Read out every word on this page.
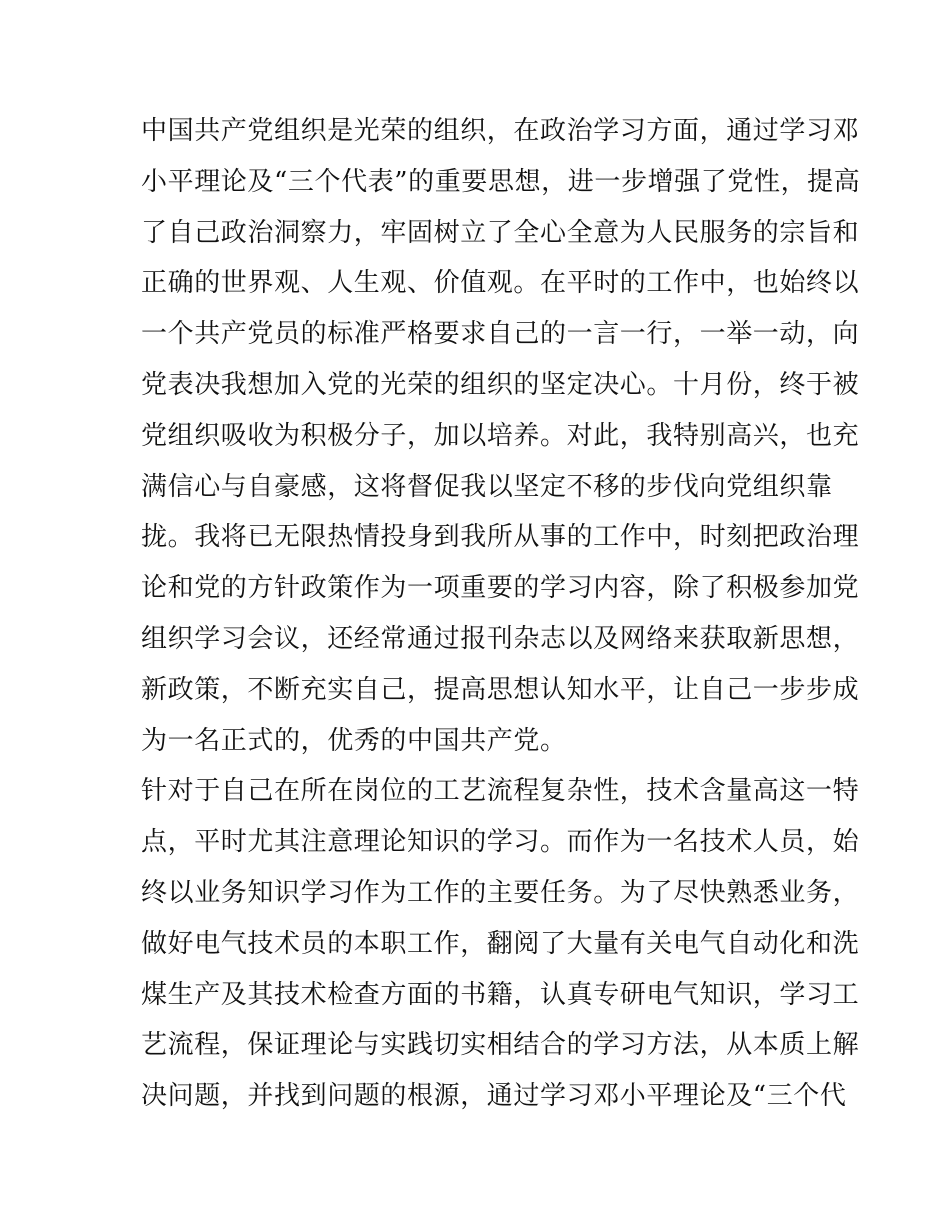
中国共产党组织是光荣的组织，在政治学习方面，通过学习邓
小平理论及“三个代表”的重要思想，进一步增强了党性，提高
了自己政治洞察力，牢固树立了全心全意为人民服务的宗旨和
正确的世界观、人生观、价值观。在平时的工作中，也始终以
一个共产党员的标准严格要求自己的一言一行，一举一动，向
党表决我想加入党的光荣的组织的坚定决心。十月份，终于被
党组织吸收为积极分子，加以培养。对此，我特别高兴，也充
满信心与自豪感，这将督促我以坚定不移的步伐向党组织靠
拢。我将已无限热情投身到我所从事的工作中，时刻把政治理
论和党的方针政策作为一项重要的学习内容，除了积极参加党
组织学习会议，还经常通过报刊杂志以及网络来获取新思想，
新政策，不断充实自己，提高思想认知水平，让自己一步步成
为一名正式的，优秀的中国共产党。
针对于自己在所在岗位的工艺流程复杂性，技术含量高这一特
点，平时尤其注意理论知识的学习。而作为一名技术人员，始
终以业务知识学习作为工作的主要任务。为了尽快熟悉业务，
做好电气技术员的本职工作，翻阅了大量有关电气自动化和洗
煤生产及其技术检查方面的书籍，认真专研电气知识，学习工
艺流程，保证理论与实践切实相结合的学习方法，从本质上解
决问题，并找到问题的根源，通过学习邓小平理论及“三个代
